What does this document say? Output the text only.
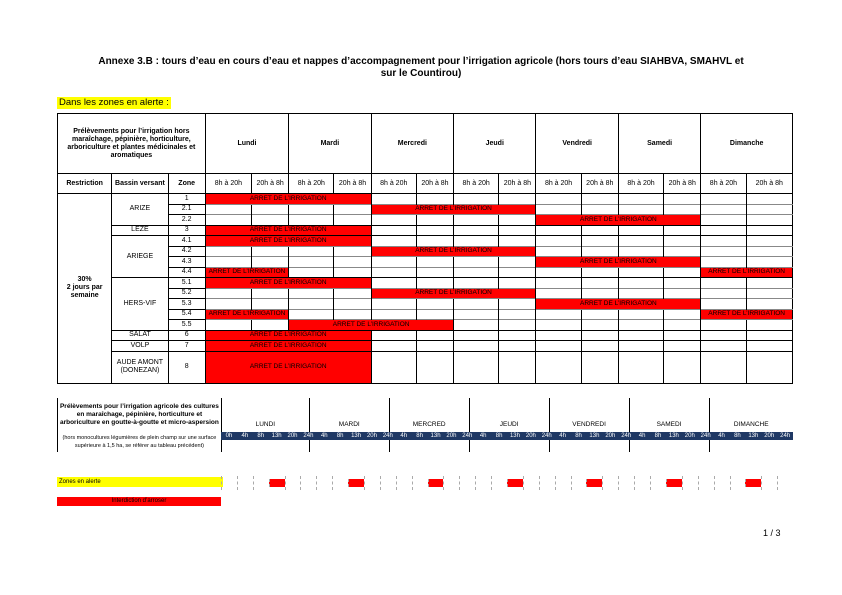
Annexe 3.B : tours d’eau en cours d’eau et nappes d’accompagnement pour l’irrigation agricole (hors tours d’eau SIAHBVA, SMAHVL et
sur le Countirou)
Dans les zones en alerte :
Prélèvements pour l’irrigation hors maraîchage, pépinière, horticulture, arboriculture et plantes médicinales et aromatiques			Lundi		Mardi		Mercredi		Jeudi		Vendredi		Samedi		Dimanche	
Restriction	Bassin versant	Zone	8h à 20h	20h à 8h	8h à 20h	20h à 8h	8h à 20h	20h à 8h	8h à 20h	20h à 8h	8h à 20h	20h à 8h	8h à 20h	20h à 8h	8h à 20h	20h à 8h
30%
2 jours par semaine	ARIZE	1	ARRET DE L’IRRIGATION													
		2.1					ARRET DE L’IRRIGATION									
		2.2									ARRET DE L’IRRIGATION					
	LEZE	3	ARRET DE L’IRRIGATION													
	ARIEGE	4.1	ARRET DE L’IRRIGATION													
		4.2					ARRET DE L’IRRIGATION									
		4.3									ARRET DE L’IRRIGATION					
		4.4	ARRET DE L’IRRIGATION												ARRET DE L’IRRIGATION	
	HERS-VIF	5.1	ARRET DE L’IRRIGATION													
		5.2					ARRET DE L’IRRIGATION									
		5.3									ARRET DE L’IRRIGATION					
		5.4	ARRET DE L’IRRIGATION												ARRET DE L’IRRIGATION	
		5.5			ARRET DE L’IRRIGATION											
	SALAT	6	ARRET DE L’IRRIGATION													
	VOLP	7	ARRET DE L’IRRIGATION													
	AUDE AMONT (DONEZAN)	8	ARRET DE L’IRRIGATION													
Prélèvements pour l’irrigation agricole des cultures en maraîchage, pépinière, horticulture et arboriculture en goutte-à-goutte et micro-aspersion	LUNDI	MARDI	MERCRED	JEUDI	VENDREDI	SAMEDI	DIMANCHE
(hors monocultures légumières de plein champ sur une surface supérieure à 1,5 ha, se référer au tableau précédent)
0h	4h	8h	13h 20h 24h	4h	8h	13h 20h 24h	4h	8h	13h 20h 24h	4h	8h	13h 20h 24h	4h	8h	13h 20h 24h	4h	8h	13h 20h 24h	4h	8h	13h 20h 24h
Zones en alerte
Interdiction d’arroser
1 / 3
